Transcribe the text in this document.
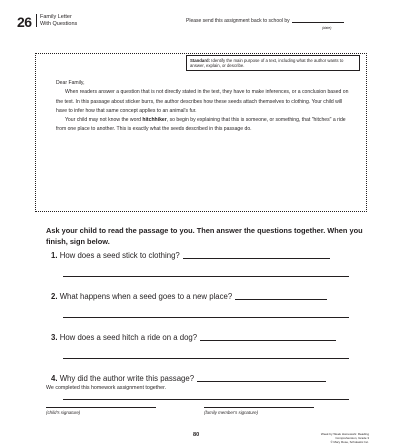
26 Family Letter
With Questions	Please send this assignment back to school by
(date)
Standard: Identify the main purpose of a text, including what the author wants to answer, explain, or describe.

Dear Family,

When readers answer a question that is not directly stated in the text, they have to make inferences, or a conclusion based on the text. In this passage about sticker burrs, the author describes how these seeds attach themselves to clothing. Your child will have to infer how that same concept applies to an animal's fur.

Your child may not know the word hitchhiker, so begin by explaining that this is someone, or something, that "hitches" a ride from one place to another. This is exactly what the seeds described in this passage do.

Ask your child to read the passage to you. Then answer the questions together. When you finish, sign below.
1. How does a seed stick to clothing?
2. What happens when a seed goes to a new place?
3. How does a seed hitch a ride on a dog?
4. Why did the author write this passage?
We completed this homework assignment together.
(child's signature)	(family member's signature)
80	Week by Week Homework: Reading Comprehension, Grade 3
© Mary Rose, Scholastic Inc.
